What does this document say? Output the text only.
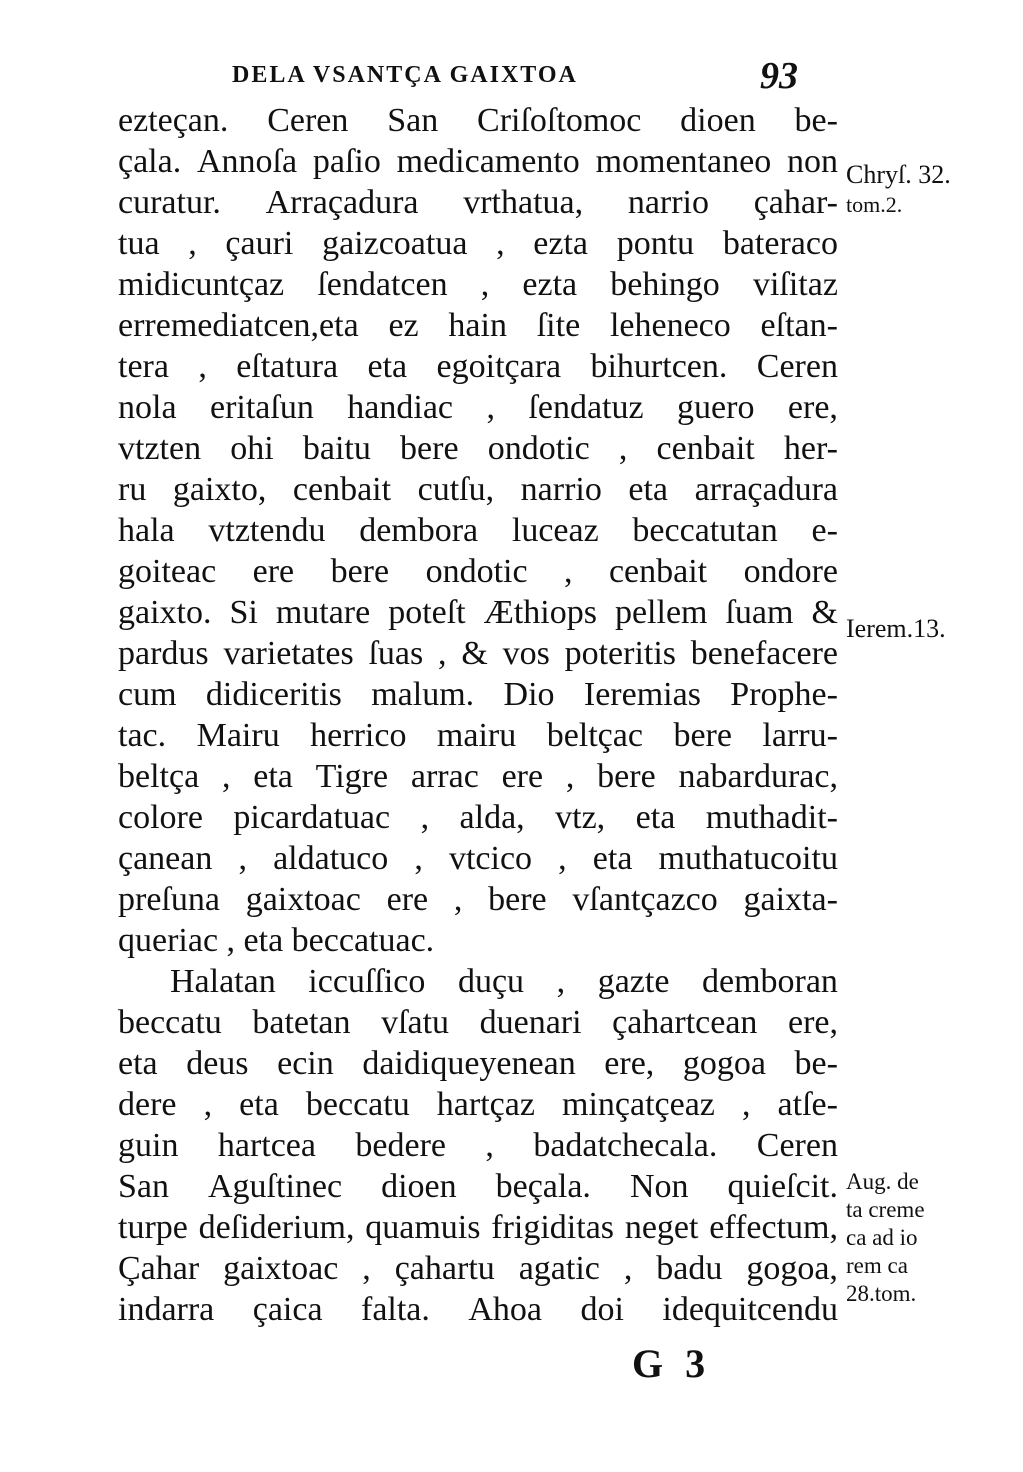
DELA VSANTÇA GAIXTOA	93
ezteçan. Ceren San Criſoſtomoc dioen be-
çala. Annoſa paſio medicamento momentaneo non
curatur. Arraçadura vrthatua, narrio çahar-
tua , çauri gaizcoatua , ezta pontu bateraco
midicuntçaz ſendatcen , ezta behingo viſitaz
erremediatcen,eta ez hain ſite leheneco eſtan-
tera , eſtatura eta egoitçara bihurtcen. Ceren
nola eritaſun handiac , ſendatuz guero ere,
vtzten ohi baitu bere ondotic , cenbait her-
ru gaixto, cenbait cutſu, narrio eta arraçadura
hala vtztendu dembora luceaz beccatutan e-
goiteac ere bere ondotic , cenbait ondore
gaixto. Si mutare poteſt Æthiops pellem ſuam &
pardus varietates ſuas , & vos poteritis benefacere
cum didiceritis malum. Dio Ieremias Prophe-
tac. Mairu herrico mairu beltçac bere larru-
beltça , eta Tigre arrac ere , bere nabardurac,
colore picardatuac , alda, vtz, eta muthadit-
çanean , aldatuco , vtcico , eta muthatucoitu
preſuna gaixtoac ere , bere vſantçazco gaixta-
queriac , eta beccatuac.
Halatan iccuſſico duçu , gazte demboran
beccatu batetan vſatu duenari çahartcean ere,
eta deus ecin daidiqueyenean ere, gogoa be-
dere , eta beccatu hartçaz minçatçeaz , atſe-
guin hartcea bedere , badatchecala. Ceren
San Aguſtinec dioen beçala. Non quieſcit.
turpe deſiderium, quamuis frigiditas neget effectum,
Çahar gaixtoac , çahartu agatic , badu gogoa,
indarra çaica falta. Ahoa doi idequitcendu
Chryſ. 32.
tom.2.
Ierem.13.
Aug. de
ta creme
ca ad io
rem ca
28.tom.
G 3
